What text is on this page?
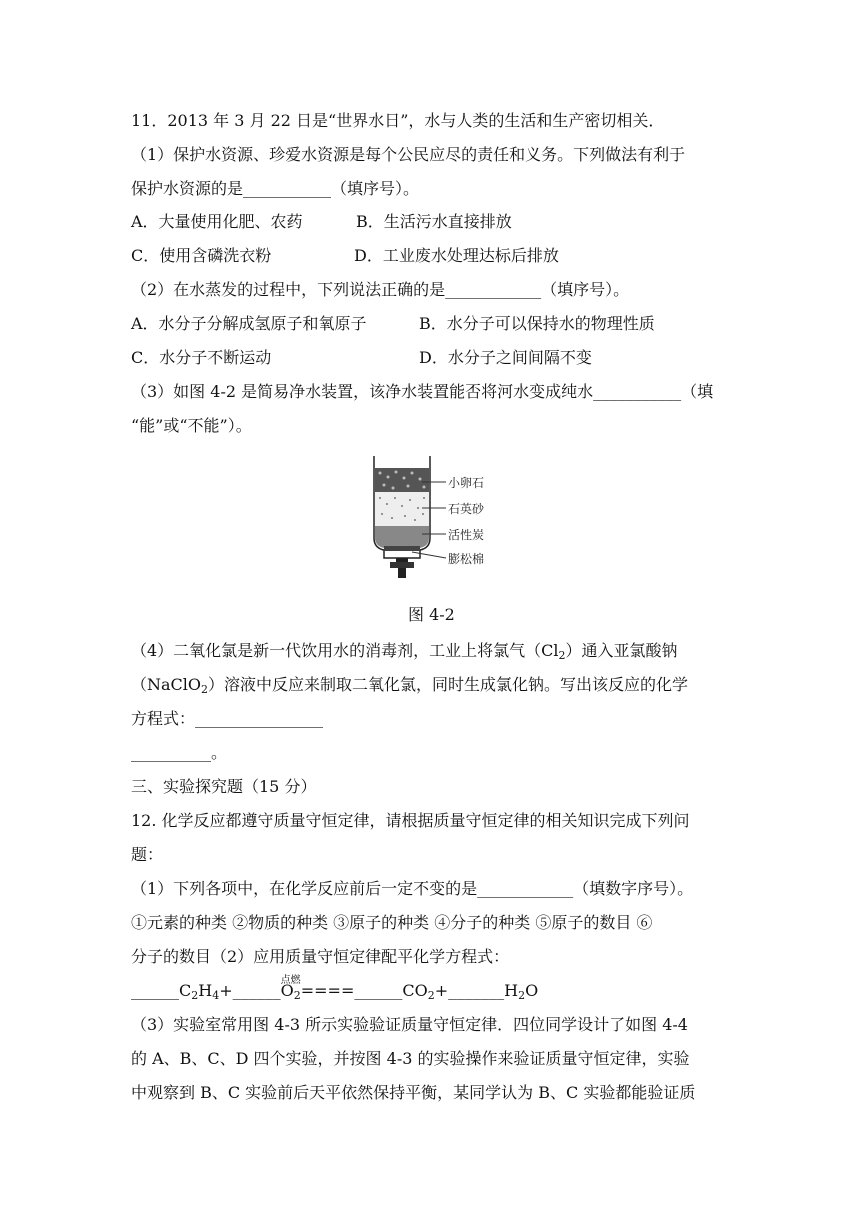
11．2013 年 3 月 22 日是“世界水日”，水与人类的生活和生产密切相关．
（1）保护水资源、珍爱水资源是每个公民应尽的责任和义务。下列做法有利于
保护水资源的是___________（填序号）。
A．大量使用化肥、农药	B．生活污水直接排放
C．使用含磷洗衣粉	D．工业废水处理达标后排放
（2）在水蒸发的过程中，下列说法正确的是____________（填序号）。
A．水分子分解成氢原子和氧原子	B．水分子可以保持水的物理性质
C．水分子不断运动	D．水分子之间间隔不变
（3）如图 4-2 是简易净水装置，该净水装置能否将河水变成纯水___________（填
“能”或“不能”）。
小卵石
石英砂
活性炭
膨松棉
图 4-2
（4）二氧化氯是新一代饮用水的消毒剂，工业上将氯气$(Cl_2)$通入亚氯酸钠
（NaClO$_2$）溶液中反应来制取二氧化氯，同时生成氯化钠。写出该反应的化学
方程式：________________
__________。
三、实验探究题（15 分）
12. 化学反应都遵守质量守恒定律，请根据质量守恒定律的相关知识完成下列问
题：
（1）下列各项中，在化学反应前后一定不变的是____________（填数字序号）。
①元素的种类 ②物质的种类 ③原子的种类 ④分子的种类 ⑤原子的数目 ⑥
分子的数目（2）应用质量守恒定律配平化学方程式：
$\_\_\_\_\_\_C_2H_4+\_\_\_\_\_\_$
点燃
$O_2====\_\_\_\_\_\_CO_2+\_\_\_\_\_\_\_H_2O$
（3）实验室常用图 4-3 所示实验验证质量守恒定律．四位同学设计了如图 4-4
的 A、B、C、D 四个实验，并按图 4-3 的实验操作来验证质量守恒定律，实验
中观察到 B、C 实验前后天平依然保持平衡，某同学认为 B、C 实验都能验证质
